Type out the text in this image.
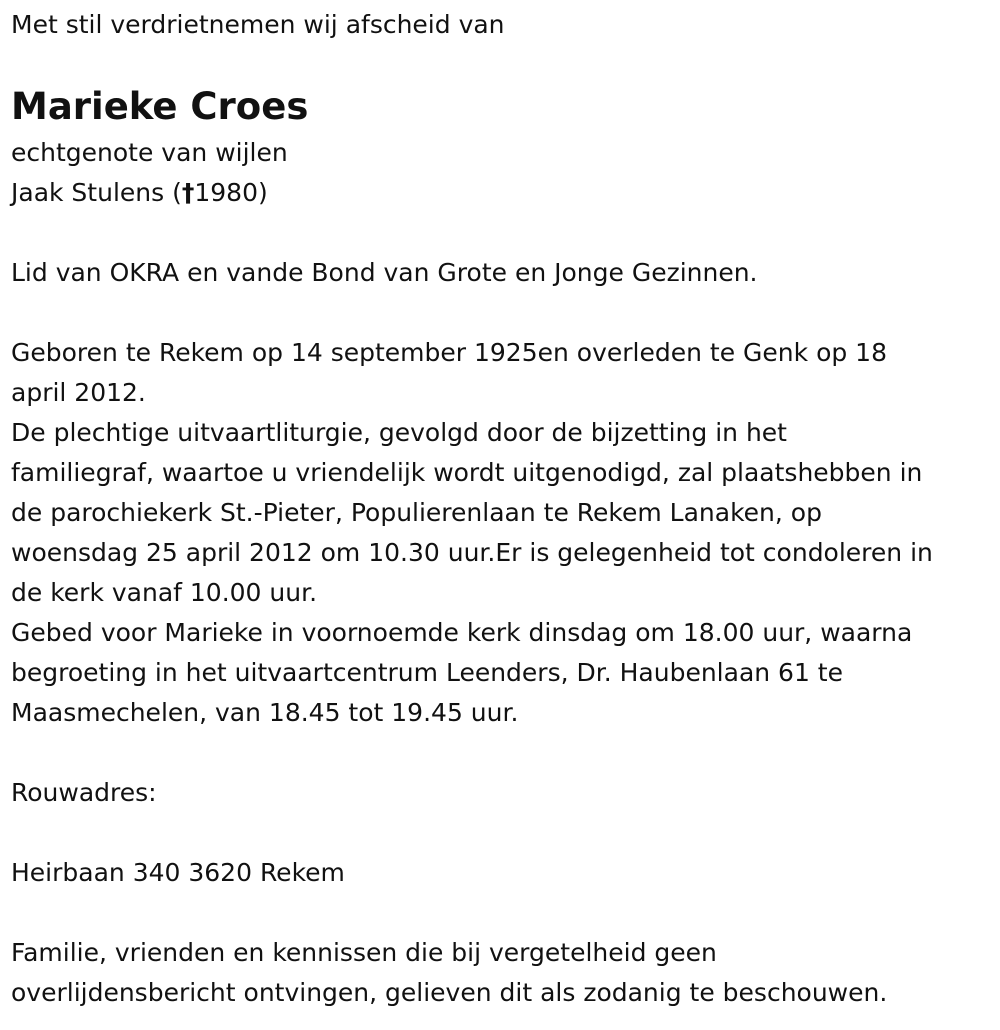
Met stil verdrietnemen wij afscheid van

Marieke Croes

echtgenote van wijlen

Jaak Stulens (†1980)

Lid van OKRA en vande Bond van Grote en Jonge Gezinnen.

Geboren te Rekem op 14 september 1925en overleden te Genk op 18

april 2012.

De plechtige uitvaartliturgie, gevolgd door de bijzetting in het

familiegraf, waartoe u vriendelijk wordt uitgenodigd, zal plaatshebben in

de parochiekerk St.-Pieter, Populierenlaan te Rekem Lanaken, op

woensdag 25 april 2012 om 10.30 uur.Er is gelegenheid tot condoleren in

de kerk vanaf 10.00 uur.

Gebed voor Marieke in voornoemde kerk dinsdag om 18.00 uur, waarna

begroeting in het uitvaartcentrum Leenders, Dr. Haubenlaan 61 te

Maasmechelen, van 18.45 tot 19.45 uur.

Rouwadres:

Heirbaan 340 3620 Rekem

Familie, vrienden en kennissen die bij vergetelheid geen

overlijdensbericht ontvingen, gelieven dit als zodanig te beschouwen.
